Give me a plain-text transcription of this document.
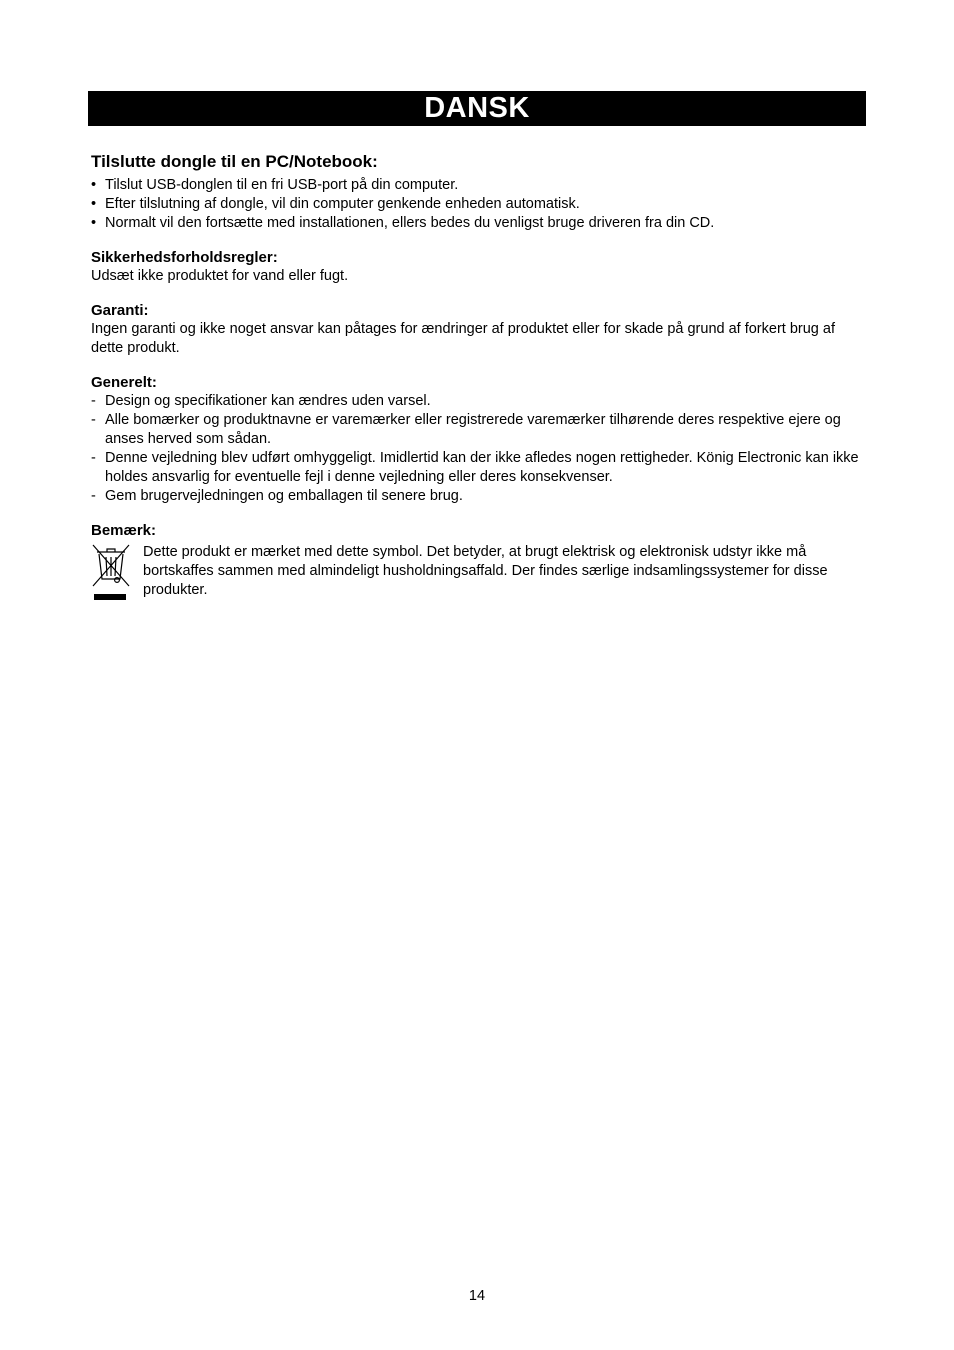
DANSK
Tilslutte dongle til en PC/Notebook:
• Tilslut USB-donglen til en fri USB-port på din computer.
• Efter tilslutning af dongle, vil din computer genkende enheden automatisk.
• Normalt vil den fortsætte med installationen, ellers bedes du venligst bruge driveren fra din CD.
Sikkerhedsforholdsregler:

Udsæt ikke produktet for vand eller fugt.

Garanti:

Ingen garanti og ikke noget ansvar kan påtages for ændringer af produktet eller for skade på grund af forkert brug af dette produkt.

Generelt:
- Design og specifikationer kan ændres uden varsel.
- Alle bomærker og produktnavne er varemærker eller registrerede varemærker tilhørende deres respektive ejere og anses herved som sådan.
- Denne vejledning blev udført omhyggeligt. Imidlertid kan der ikke afledes nogen rettigheder. König Electronic kan ikke holdes ansvarlig for eventuelle fejl i denne vejledning eller deres konsekvenser.
- Gem brugervejledningen og emballagen til senere brug.
Bemærk:

Dette produkt er mærket med dette symbol. Det betyder, at brugt elektrisk og elektronisk udstyr ikke må bortskaffes sammen med almindeligt husholdningsaffald. Der findes særlige indsamlingssystemer for disse produkter.

14
